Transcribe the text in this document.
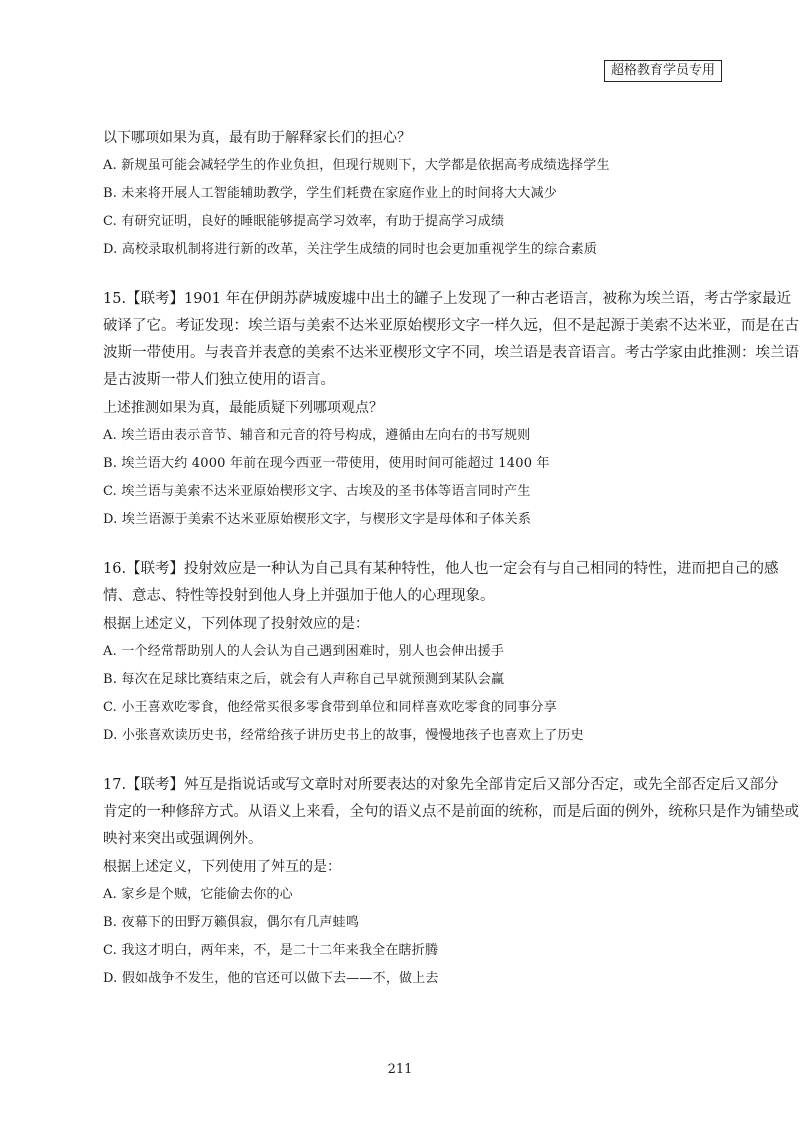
超格教育学员专用
以下哪项如果为真，最有助于解释家长们的担心？
A. 新规虽可能会减轻学生的作业负担，但现行规则下，大学都是依据高考成绩选择学生
B. 未来将开展人工智能辅助教学，学生们耗费在家庭作业上的时间将大大减少
C. 有研究证明，良好的睡眠能够提高学习效率，有助于提高学习成绩
D. 高校录取机制将进行新的改革，关注学生成绩的同时也会更加重视学生的综合素质
15.【联考】1901 年在伊朗苏萨城废墟中出土的罐子上发现了一种古老语言，被称为埃兰语，考古学家最近
破译了它。考证发现：埃兰语与美索不达米亚原始楔形文字一样久远，但不是起源于美索不达米亚，而是在古
波斯一带使用。与表音并表意的美索不达米亚楔形文字不同，埃兰语是表音语言。考古学家由此推测：埃兰语
是古波斯一带人们独立使用的语言。
上述推测如果为真，最能质疑下列哪项观点？
A. 埃兰语由表示音节、辅音和元音的符号构成，遵循由左向右的书写规则
B. 埃兰语大约 4000 年前在现今西亚一带使用，使用时间可能超过 1400 年
C. 埃兰语与美索不达米亚原始楔形文字、古埃及的圣书体等语言同时产生
D. 埃兰语源于美索不达米亚原始楔形文字，与楔形文字是母体和子体关系
16.【联考】投射效应是一种认为自己具有某种特性，他人也一定会有与自己相同的特性，进而把自己的感
情、意志、特性等投射到他人身上并强加于他人的心理现象。
根据上述定义，下列体现了投射效应的是：
A. 一个经常帮助别人的人会认为自己遇到困难时，别人也会伸出援手
B. 每次在足球比赛结束之后，就会有人声称自己早就预测到某队会赢
C. 小王喜欢吃零食，他经常买很多零食带到单位和同样喜欢吃零食的同事分享
D. 小张喜欢读历史书，经常给孩子讲历史书上的故事，慢慢地孩子也喜欢上了历史
17.【联考】舛互是指说话或写文章时对所要表达的对象先全部肯定后又部分否定，或先全部否定后又部分
肯定的一种修辞方式。从语义上来看，全句的语义点不是前面的统称，而是后面的例外，统称只是作为铺垫或
映衬来突出或强调例外。
根据上述定义，下列使用了舛互的是：
A. 家乡是个贼，它能偷去你的心
B. 夜幕下的田野万籁俱寂，偶尔有几声蛙鸣
C. 我这才明白，两年来，不，是二十二年来我全在瞎折腾
D. 假如战争不发生，他的官还可以做下去——不，做上去
211
